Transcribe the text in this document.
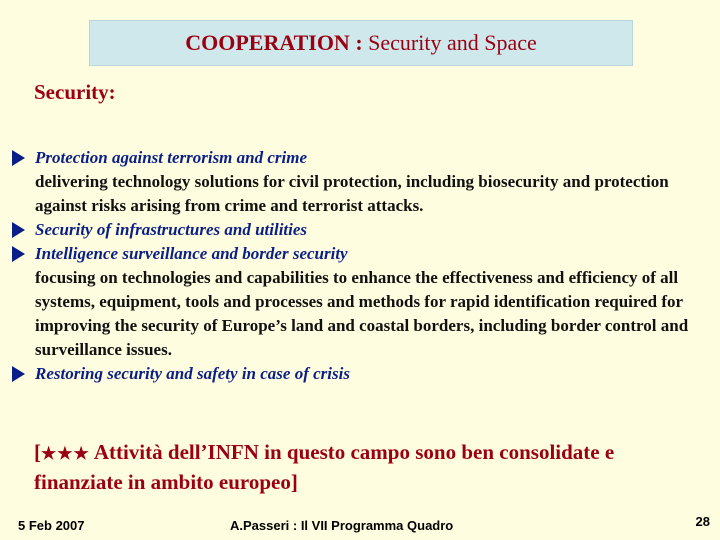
COOPERATION :
Security and Space
Security:
Protection against terrorism and crime
delivering technology solutions for civil protection, including biosecurity and protection against risks arising from crime and terrorist attacks.
Security of infrastructures and utilities
Intelligence surveillance and border security
focusing on technologies and capabilities to enhance the effectiveness and efficiency of all systems, equipment, tools and processes and methods for rapid identification required for improving the security of Europe’s land and coastal borders, including border control and surveillance issues.
Restoring security and safety in case of crisis
[★★★ Attività dell’INFN in questo campo sono ben consolidate e finanziate in ambito europeo]
5 Feb 2007	A.Passeri : Il VII Programma Quadro	28
